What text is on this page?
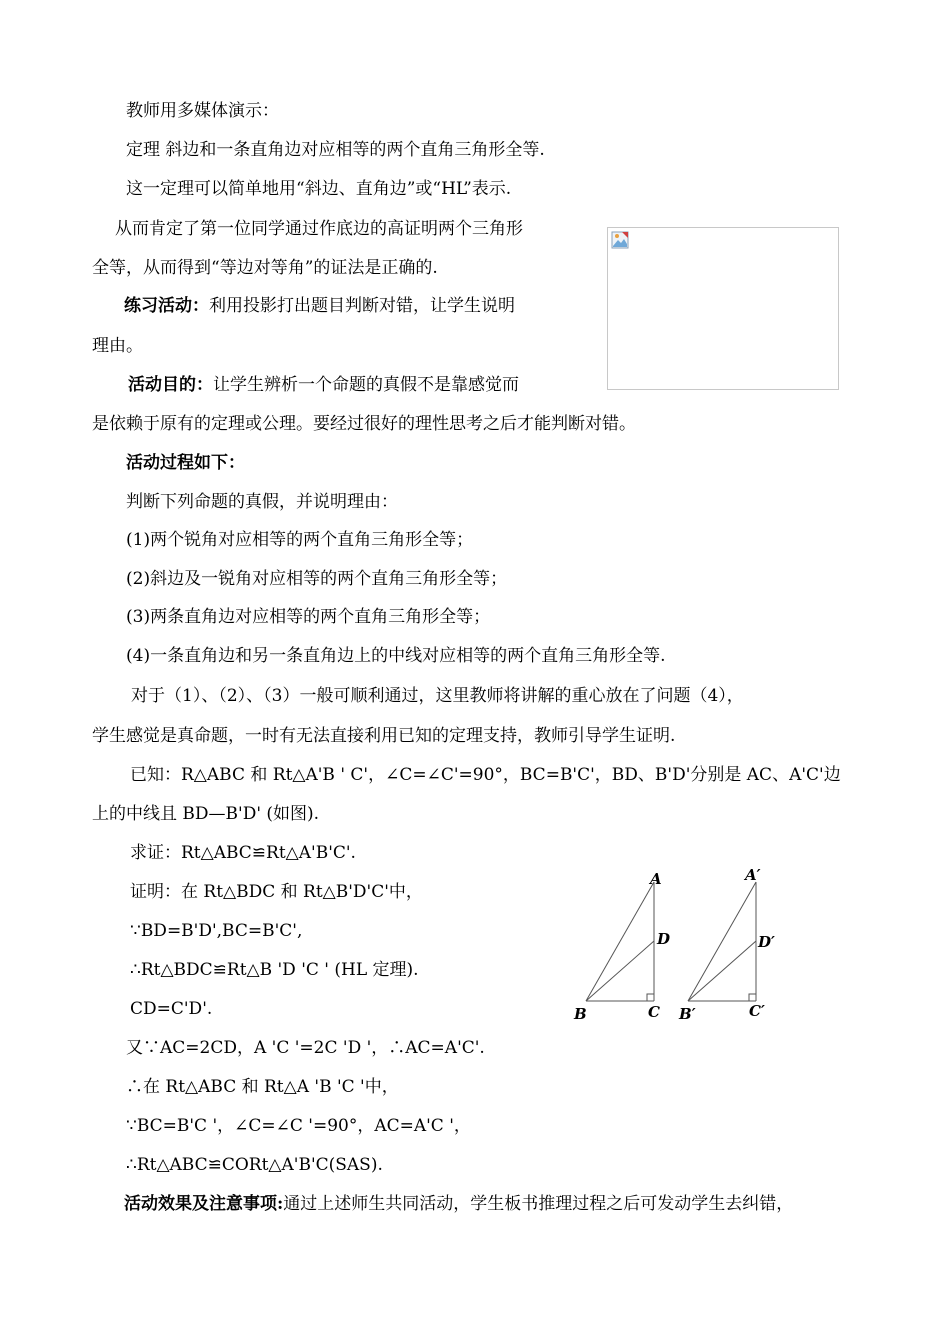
教师用多媒体演示：
定理 斜边和一条直角边对应相等的两个直角三角形全等.
这一定理可以简单地用“斜边、直角边”或“HL”表示.
从而肯定了第一位同学通过作底边的高证明两个三角形
全等，从而得到“等边对等角”的证法是正确的.
练习活动：利用投影打出题目判断对错，让学生说明
理由。
活动目的：让学生辨析一个命题的真假不是靠感觉而
是依赖于原有的定理或公理。要经过很好的理性思考之后才能判断对错。
活动过程如下：
判断下列命题的真假，并说明理由：
(1)两个锐角对应相等的两个直角三角形全等；
(2)斜边及一锐角对应相等的两个直角三角形全等；
(3)两条直角边对应相等的两个直角三角形全等；
(4)一条直角边和另一条直角边上的中线对应相等的两个直角三角形全等.
对于（1）、（2）、（3）一般可顺利通过，这里教师将讲解的重心放在了问题（4），
学生感觉是真命题，一时有无法直接利用已知的定理支持，教师引导学生证明.
已知：R△ABC 和 Rt△A'B ' C'，∠C=∠C'=90°，BC=B'C'，BD、B'D'分别是 AC、A'C'边
上的中线且 BD—B'D' (如图).
求证：Rt△ABC≌Rt△A'B'C'.
证明：在 Rt△BDC 和 Rt△B'D'C'中，
∵BD=B'D',BC=B'C',
∴Rt△BDC≌Rt△B 'D 'C ' (HL 定理).
CD=C'D'.
又∵AC=2CD，A 'C '=2C 'D '，∴AC=A'C'.
∴在 Rt△ABC 和 Rt△A 'B 'C '中，
∵BC=B'C '，∠C=∠C '=90°，AC=A'C '，
∴Rt△ABC≌CORt△A'B'C(SAS).
活动效果及注意事项:通过上述师生共同活动，学生板书推理过程之后可发动学生去纠错，
A
D
B	C
A′
D′
B′	C′
